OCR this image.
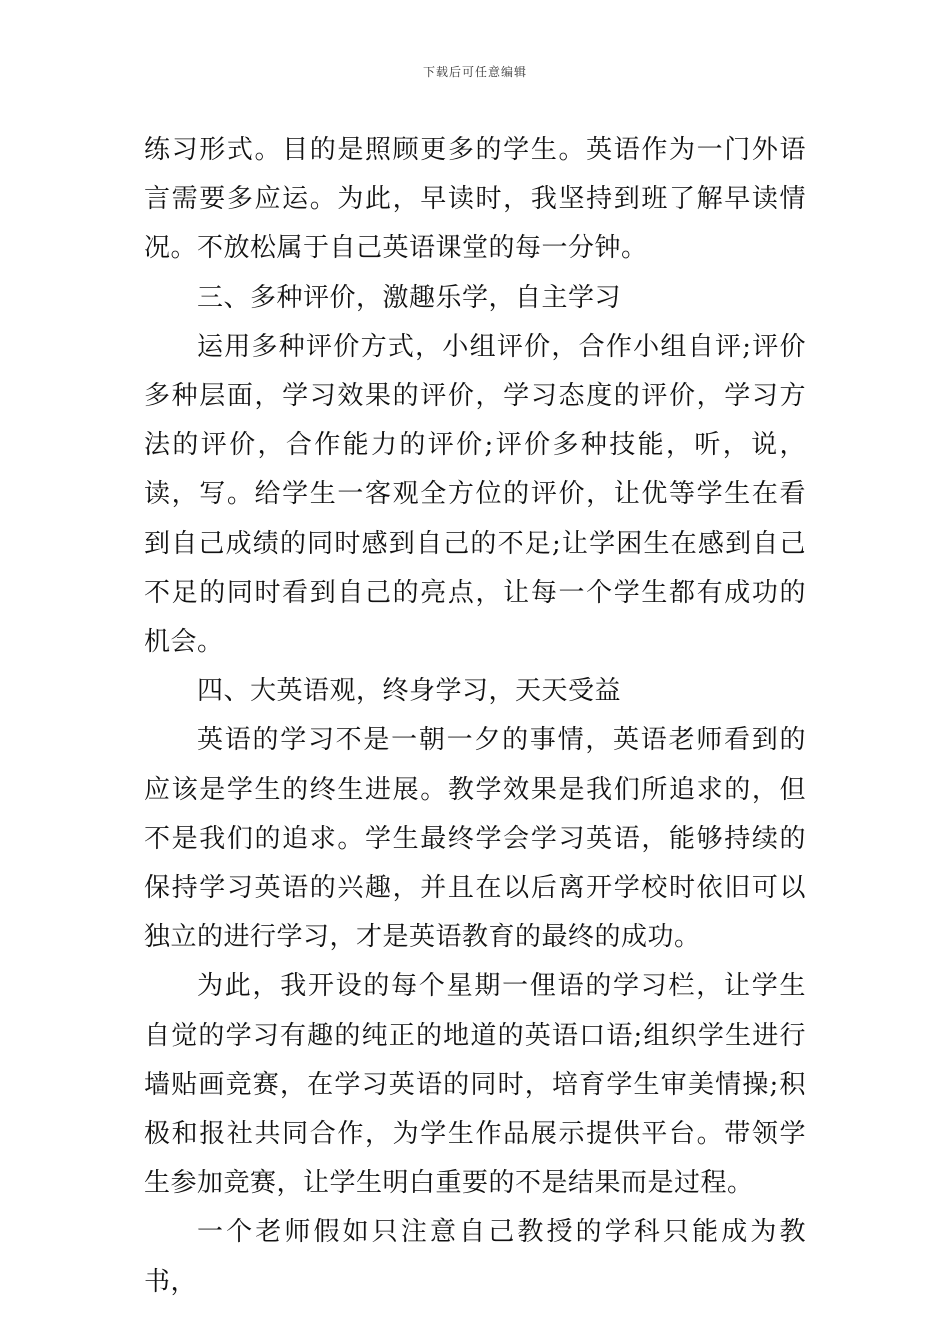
下载后可任意编辑

练习形式。目的是照顾更多的学生。英语作为一门外语言需要多应运。为此，早读时，我坚持到班了解早读情况。不放松属于自己英语课堂的每一分钟。

三、多种评价，激趣乐学，自主学习

运用多种评价方式，小组评价，合作小组自评;评价多种层面，学习效果的评价，学习态度的评价，学习方法的评价，合作能力的评价;评价多种技能，听，说，读，写。给学生一客观全方位的评价，让优等学生在看到自己成绩的同时感到自己的不足;让学困生在感到自己不足的同时看到自己的亮点，让每一个学生都有成功的机会。

四、大英语观，终身学习，天天受益

英语的学习不是一朝一夕的事情，英语老师看到的应该是学生的终生进展。教学效果是我们所追求的，但不是我们的追求。学生最终学会学习英语，能够持续的保持学习英语的兴趣，并且在以后离开学校时依旧可以独立的进行学习，才是英语教育的最终的成功。

为此，我开设的每个星期一俚语的学习栏，让学生自觉的学习有趣的纯正的地道的英语口语;组织学生进行墙贴画竞赛，在学习英语的同时，培育学生审美情操;积极和报社共同合作，为学生作品展示提供平台。带领学生参加竞赛，让学生明白重要的不是结果而是过程。

一个老师假如只注意自己教授的学科只能成为教书，
